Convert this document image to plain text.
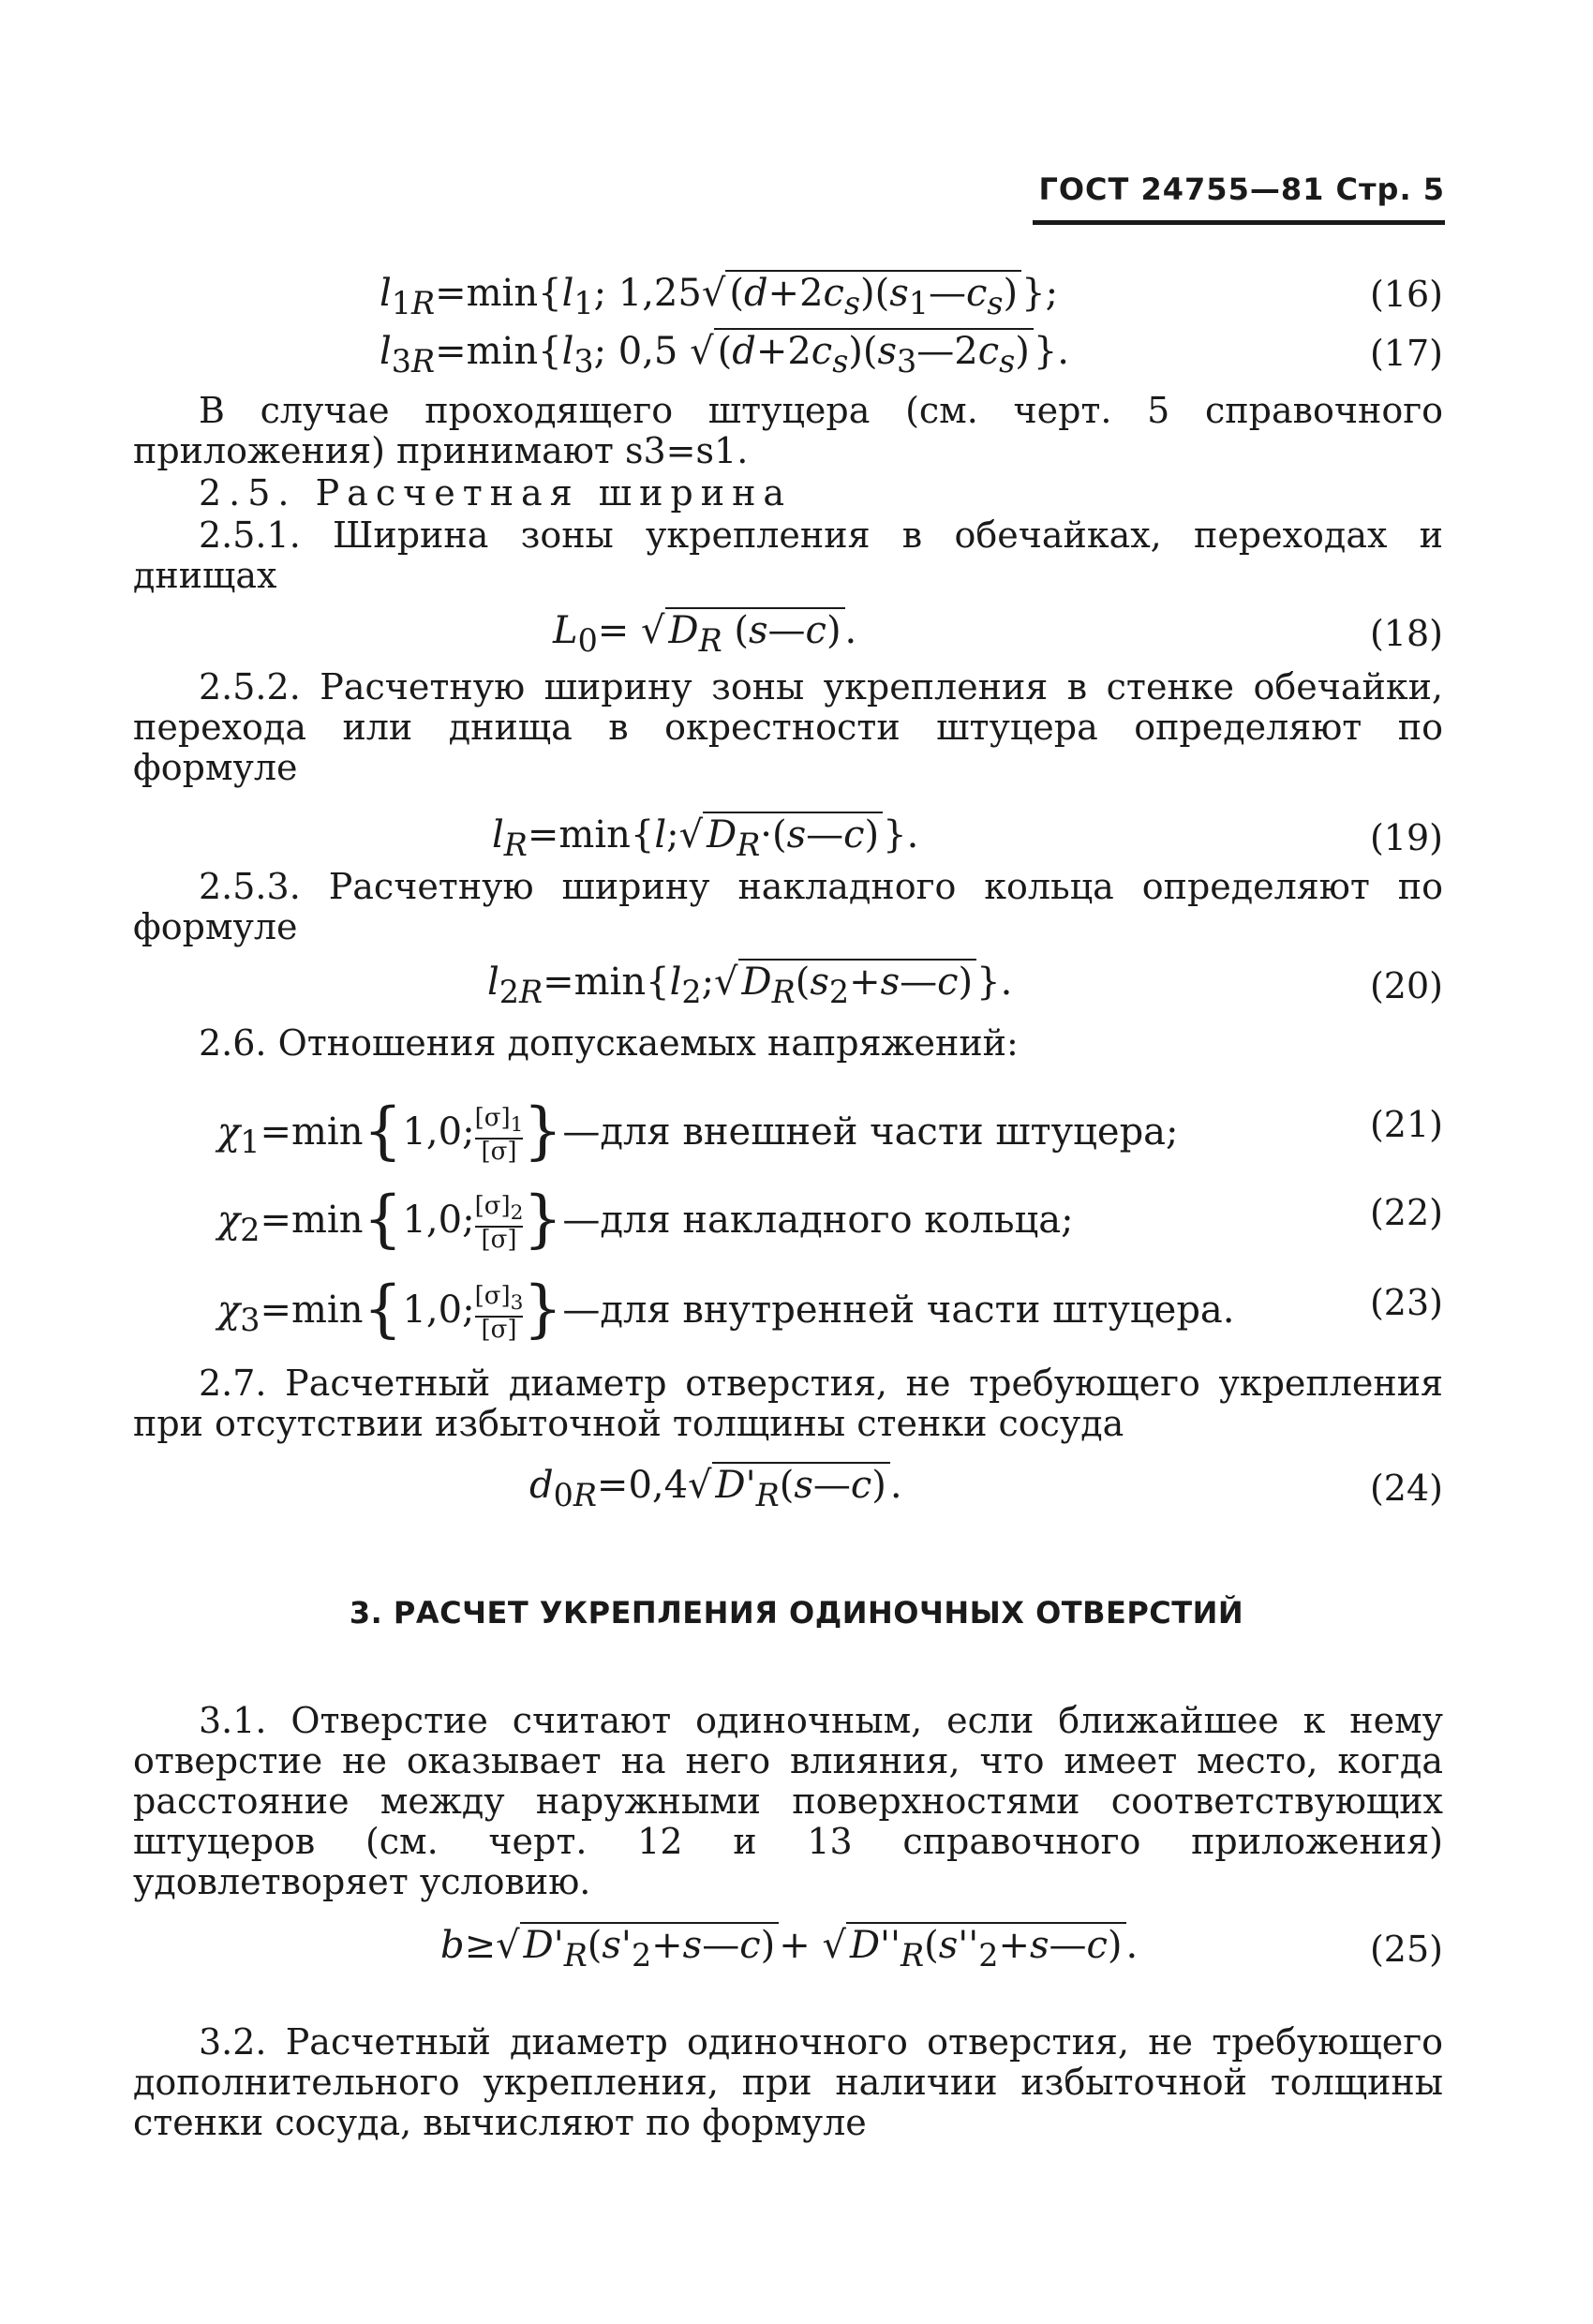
ГОСТ 24755—81 Стр. 5
$l_{1R}=\min\{l_1$; 1,25√ $(d+2c_s)(s_1—c_s)$ };	(16)
$l_{3R}=\min\{l_3$; 0,5 √ $(d+2c_s)(s_3—2c_s)$ }.	(17)
В случае проходящего штуцера (см. черт. 5 справочного приложения) принимают s3=s1.
2.5. Расчетная ширина
2.5.1. Ширина зоны укрепления в обечайках, переходах и днищах
$L_0=$ √ $D_R$ (s—c) .	(18)
2.5.2. Расчетную ширину зоны укрепления в стенке обечайки, перехода или днища в окрестности штуцера определяют по формуле
$l_R=\min\{l;√$ $D_R\cdot(s—c)$ }.	(19)
2.5.3. Расчетную ширину накладного кольца определяют по формуле
$l_{2R}=\min\{l_2;√$ $D_R(s_2+s—c)$ }.	(20)
2.6. Отношения допускаемых напряжений:
$\chi_1=\min\{1,0$; $\frac{[\sigma]_1}{[\sigma]}$ }—для внешней части штуцера;	(21)
$\chi_2=\min\{1,0$; $\frac{[\sigma]_2}{[\sigma]}$ }—для накладного кольца;	(22)
$\chi_3=\min\{1,0$; $\frac{[\sigma]_3}{[\sigma]}$ }—для внутренней части штуцера.	(23)
2.7. Расчетный диаметр отверстия, не требующего укрепления при отсутствии избыточной толщины стенки сосуда
$d_{0R}=0,4√$ $D'_R(s—c)$ .	(24)
3. РАСЧЕТ УКРЕПЛЕНИЯ ОДИНОЧНЫХ ОТВЕРСТИЙ
3.1. Отверстие считают одиночным, если ближайшее к нему отверстие не оказывает на него влияния, что имеет место, когда расстояние между наружными поверхностями соответствующих штуцеров (см. черт. 12 и 13 справочного приложения) удовлетворяет условию.
b≥√ $D'_R(s'_2+s—c)$ + √ $D''_R(s''_2+s—c)$ .	(25)
3.2. Расчетный диаметр одиночного отверстия, не требующего дополнительного укрепления, при наличии избыточной толщины стенки сосуда, вычисляют по формуле
